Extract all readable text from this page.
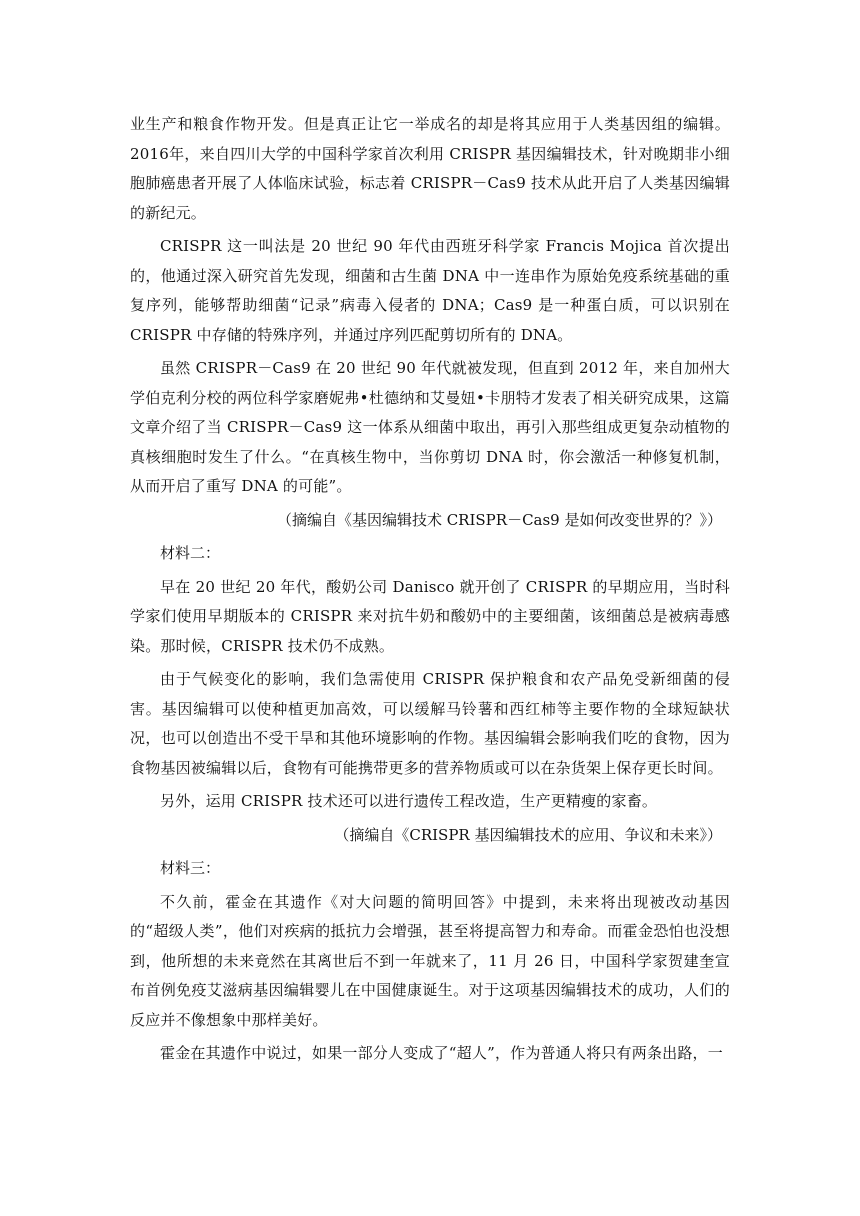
业生产和粮食作物开发。但是真正让它一举成名的却是将其应用于人类基因组的编辑。2016年，来自四川大学的中国科学家首次利用 CRISPR 基因编辑技术，针对晚期非小细胞肺癌患者开展了人体临床试验，标志着 CRISPR－Cas9 技术从此开启了人类基因编辑的新纪元。

CRISPR 这一叫法是 20 世纪 90 年代由西班牙科学家 Francis Mojica 首次提出的，他通过深入研究首先发现，细菌和古生菌 DNA 中一连串作为原始免疫系统基础的重复序列，能够帮助细菌“记录”病毒入侵者的 DNA；Cas9 是一种蛋白质，可以识别在 CRISPR 中存储的特殊序列，并通过序列匹配剪切所有的 DNA。

虽然 CRISPR－Cas9 在 20 世纪 90 年代就被发现，但直到 2012 年，来自加州大学伯克利分校的两位科学家磨妮弗•杜德纳和艾曼妞•卡朋特才发表了相关研究成果，这篇文章介绍了当 CRISPR－Cas9 这一体系从细菌中取出，再引入那些组成更复杂动植物的真核细胞时发生了什么。“在真核生物中，当你剪切 DNA 时，你会激活一种修复机制，从而开启了重写 DNA 的可能”。

（摘编自《基因编辑技术 CRISPR－Cas9 是如何改变世界的？》）

材料二：

早在 20 世纪 20 年代，酸奶公司 Danisco 就开创了 CRISPR 的早期应用，当时科学家们使用早期版本的 CRISPR 来对抗牛奶和酸奶中的主要细菌，该细菌总是被病毒感染。那时候，CRISPR 技术仍不成熟。

由于气候变化的影响，我们急需使用 CRISPR 保护粮食和农产品免受新细菌的侵害。基因编辑可以使种植更加高效，可以缓解马铃薯和西红柿等主要作物的全球短缺状况，也可以创造出不受干旱和其他环境影响的作物。基因编辑会影响我们吃的食物，因为食物基因被编辑以后，食物有可能携带更多的营养物质或可以在杂货架上保存更长时间。

另外，运用 CRISPR 技术还可以进行遗传工程改造，生产更精瘦的家畜。

（摘编自《CRISPR 基因编辑技术的应用、争议和未来》）

材料三：

不久前，霍金在其遗作《对大问题的简明回答》中提到，未来将出现被改动基因的“超级人类”，他们对疾病的抵抗力会增强，甚至将提高智力和寿命。而霍金恐怕也没想到，他所想的未来竟然在其离世后不到一年就来了，11 月 26 日，中国科学家贺建奎宣布首例免疫艾滋病基因编辑婴儿在中国健康诞生。对于这项基因编辑技术的成功，人们的反应并不像想象中那样美好。

霍金在其遗作中说过，如果一部分人变成了“超人”，作为普通人将只有两条出路，一
